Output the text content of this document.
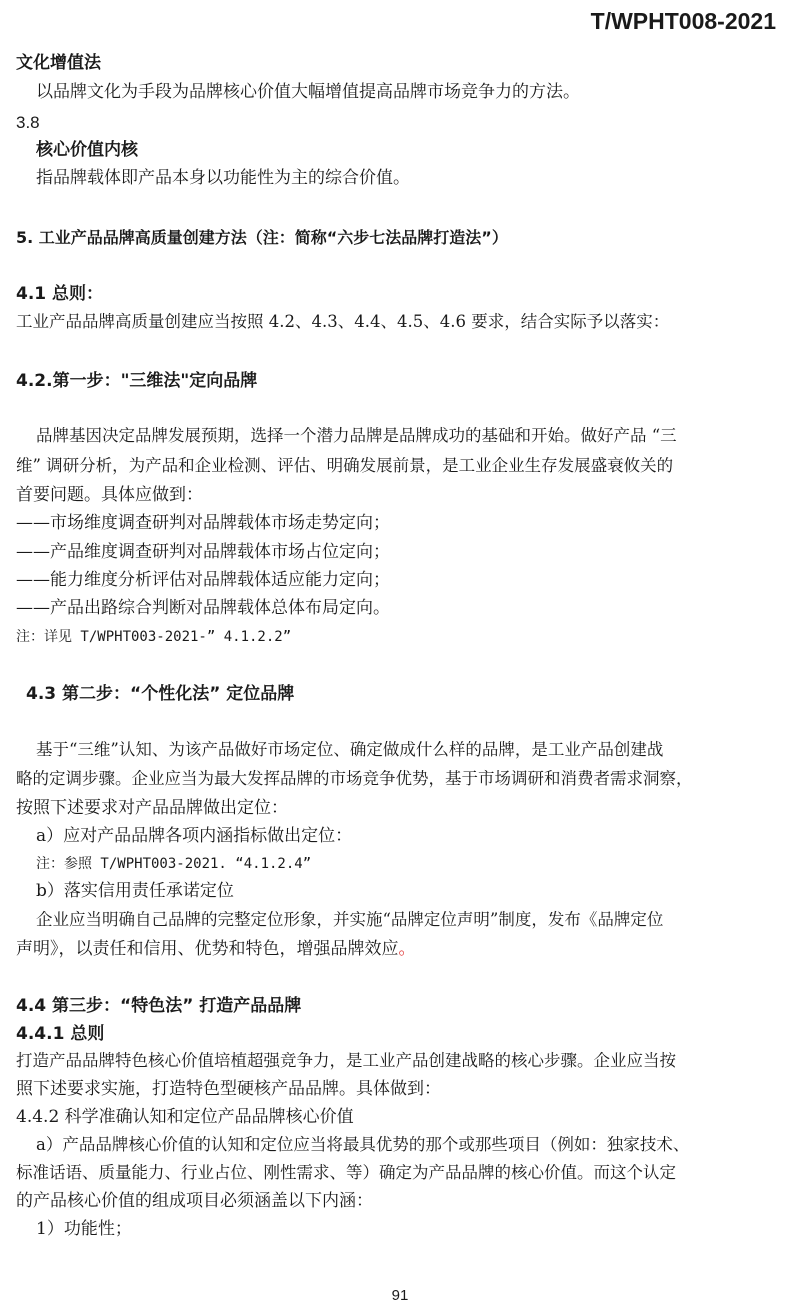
T/WPHT008-2021
文化增值法
以品牌文化为手段为品牌核心价值大幅增值提高品牌市场竞争力的方法。
3.8
核心价值内核
指品牌载体即产品本身以功能性为主的综合价值。
5. 工业产品品牌高质量创建方法（注：简称“六步七法品牌打造法”）
4.1 总则：
工业产品品牌高质量创建应当按照 4.2、4.3、4.4、4.5、4.6 要求，结合实际予以落实：
4.2.第一步："三维法"定向品牌
品牌基因决定品牌发展预期，选择一个潜力品牌是品牌成功的基础和开始。做好产品 “三
维” 调研分析，为产品和企业检测、评估、明确发展前景，是工业企业生存发展盛衰攸关的
首要问题。具体应做到：
——市场维度调查研判对品牌载体市场走势定向；
——产品维度调查研判对品牌载体市场占位定向；
——能力维度分析评估对品牌载体适应能力定向；
——产品出路综合判断对品牌载体总体布局定向。
注：详见 T/WPHT003-2021-” 4.1.2.2”
4.3 第二步：“个性化法” 定位品牌
基于“三维”认知、为该产品做好市场定位、确定做成什么样的品牌，是工业产品创建战
略的定调步骤。企业应当为最大发挥品牌的市场竞争优势，基于市场调研和消费者需求洞察，
按照下述要求对产品品牌做出定位：
a）应对产品品牌各项内涵指标做出定位：
注：参照 T/WPHT003-2021. “4.1.2.4”
b）落实信用责任承诺定位
企业应当明确自己品牌的完整定位形象，并实施“品牌定位声明”制度，发布《品牌定位
声明》，以责任和信用、优势和特色，增强品牌效应。
4.4 第三步：“特色法” 打造产品品牌
4.4.1 总则
打造产品品牌特色核心价值培植超强竞争力，是工业产品创建战略的核心步骤。企业应当按
照下述要求实施，打造特色型硬核产品品牌。具体做到：
4.4.2 科学准确认知和定位产品品牌核心价值
a）产品品牌核心价值的认知和定位应当将最具优势的那个或那些项目（例如：独家技术、
标准话语、质量能力、行业占位、刚性需求、等）确定为产品品牌的核心价值。而这个认定
的产品核心价值的组成项目必须涵盖以下内涵：
1）功能性；
91
